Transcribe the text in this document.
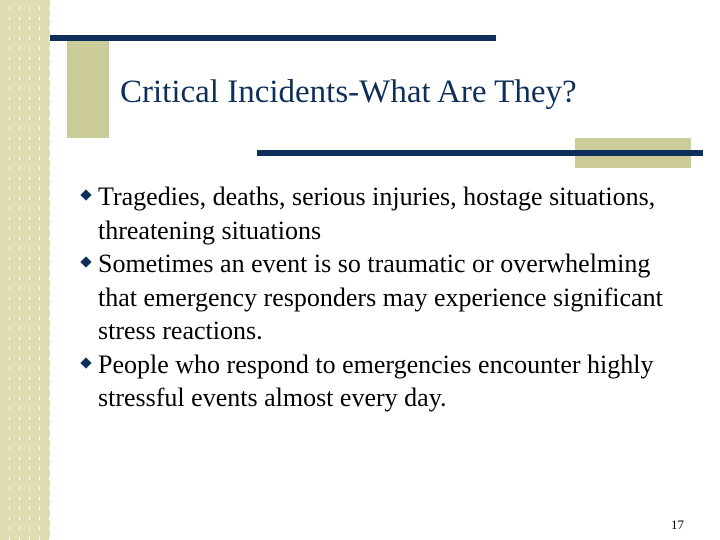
Critical Incidents-What Are They?
Tragedies, deaths, serious injuries, hostage situations, threatening situations
Sometimes an event is so traumatic or overwhelming that emergency responders may experience significant stress reactions.
People who respond to emergencies encounter highly stressful events almost every day.
17
